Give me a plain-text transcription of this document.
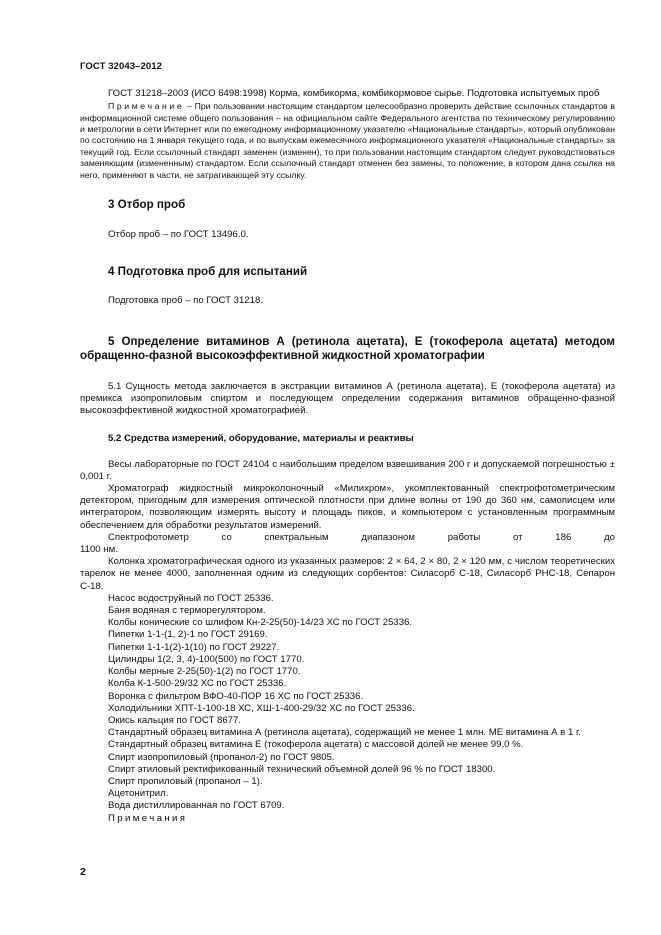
ГОСТ 32043–2012

ГОСТ 31218–2003 (ИСО 6498:1998) Корма, комбикорма, комбикормовое сырье. Подготовка испытуемых проб

Примечание – При пользовании настоящим стандартом целесообразно проверить действие ссылочных стандартов в информационной системе общего пользования – на официальном сайте Федерального агентства по техническому регулированию и метрологии в сети Интернет или по ежегодному информационному указателю «Национальные стандарты», который опубликован по состоянию на 1 января текущего года, и по выпускам ежемесячного информационного указателя «Национальные стандарты» за текущий год. Если ссылочный стандарт заменен (изменен), то при пользовании настоящим стандартом следует руководствоваться заменяющим (измененным) стандартом. Если ссылочный стандарт отменен без замены, то положение, в котором дана ссылка на него, применяют в части, не затрагивающей эту ссылку.

3 Отбор проб

Отбор проб – по ГОСТ 13496.0.

4 Подготовка проб для испытаний

Подготовка проб – по ГОСТ 31218.

5 Определение витаминов А (ретинола ацетата), Е (токоферола ацетата) методом обращенно-фазной высокоэффективной жидкостной хроматографии

5.1 Сущность метода заключается в экстракции витаминов А (ретинола ацетата), Е (токоферола ацетата) из премикса изопропиловым спиртом и последующем определении содержания витаминов обращенно-фазной высокоэффективной жидкостной хроматографией.

5.2 Средства измерений, оборудование, материалы и реактивы

Весы лабораторные по ГОСТ 24104 с наибольшим пределом взвешивания 200 г и допускаемой погрешностью ± 0,001 г.

Хроматограф жидкостный микроколоночный «Милихром», укомплектованный спектрофотометрическим детектором, пригодным для измерения оптической плотности при длине волны от 190 до 360 нм, самописцем или интегратором, позволяющим измерять высоту и площадь пиков, и компьютером с установленным программным обеспечением для обработки результатов измерений.

Спектрофотометр со спектральным диапазоном работы от 186 до

1100 нм.

Колонка хроматографическая одного из указанных размеров: 2 × 64, 2 × 80, 2 × 120 мм, с числом теоретических тарелок не менее 4000, заполненная одним из следующих сорбентов: Силасорб С-18, Силасорб РНС-18, Сепарон С-18.

Насос водоструйный по ГОСТ 25336.

Баня водяная с терморегулятором.

Колбы конические со шлифом Кн-2-25(50)-14/23 ХС по ГОСТ 25336.

Пипетки 1-1-(1, 2)-1 по ГОСТ 29169.

Пипетки 1-1-1(2)-1(10) по ГОСТ 29227.

Цилиндры 1(2, 3, 4)-100(500) по ГОСТ 1770.

Колбы мерные 2-25(50)-1(2) по ГОСТ 1770.

Колба К-1-500-29/32 ХС по ГОСТ 25336.

Воронка с фильтром ВФО-40-ПОР 16 ХС по ГОСТ 25336.

Холодильники ХПТ-1-100-18 ХС, ХШ-1-400-29/32 ХС по ГОСТ 25336.

Окись кальция по ГОСТ 8677.

Стандартный образец витамина А (ретинола ацетата), содержащий не менее 1 млн. МЕ витамина А в 1 г.

Стандартный образец витамина Е (токоферола ацетата) с массовой долей не менее 99,0 %.

Спирт изопропиловый (пропанол-2) по ГОСТ 9805.

Спирт этиловый ректификованный технический объемной долей 96 % по ГОСТ 18300.

Спирт пропиловый (пропанол – 1).

Ацетонитрил.

Вода дистиллированная по ГОСТ 6709.

Примечания

2
